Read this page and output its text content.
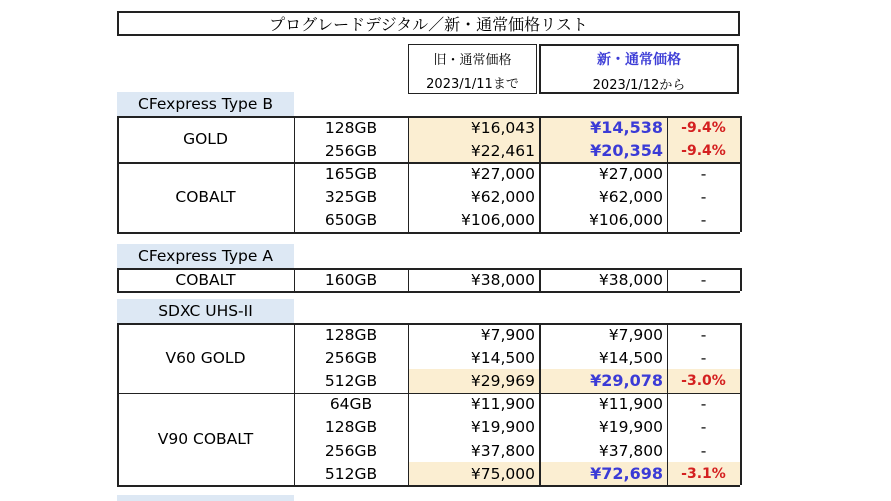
プログレードデジタル／新・通常価格リスト
旧・通常価格
2023/1/11まで
新・通常価格
2023/1/12から
CFexpress Type B
GOLD
128GB	¥16,043	¥14,538	-9.4%
256GB	¥22,461	¥20,354	-9.4%
COBALT
165GB	¥27,000	¥27,000	-
325GB	¥62,000	¥62,000	-
650GB	¥106,000	¥106,000	-
CFexpress Type A
COBALT	160GB	¥38,000	¥38,000	-
SDXC UHS-II
V60 GOLD
128GB	¥7,900	¥7,900	-
256GB	¥14,500	¥14,500	-
512GB	¥29,969	¥29,078	-3.0%
V90 COBALT
64GB	¥11,900	¥11,900	-
128GB	¥19,900	¥19,900	-
256GB	¥37,800	¥37,800	-
512GB	¥75,000	¥72,698	-3.1%
